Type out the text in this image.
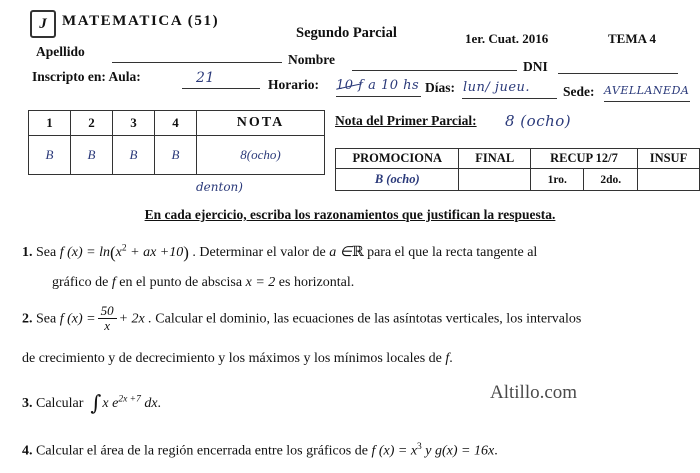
J	MATEMATICA (51)
Segundo Parcial	1er. Cuat. 2016	TEMA 4
Apellido
Nombre	DNI
Inscripto en: Aula:	21	Horario: 10 f a 10 hs Días: lun/ jueu. Sede: AVELLANEDA
1	2	3	4	NOTA
B	B	B	B	8(ocho)
denton)
Nota del Primer Parcial: 8 (ocho)
PROMOCIONA	FINAL	RECUP 12/7		INSUF
B (ocho)		1ro.	2do.	
En cada ejercicio, escriba los razonamientos que justifican la respuesta.
1. Sea f $(x) = \ln(x^2$ + ax +10) . Determinar el valor de a ∈ℝ para el que la recta tangente al
gráfico de f en el punto de abscisa x = 2 es horizontal.
2. Sea f $(x) = \frac{50}{x} + 2x$ . Calcular el dominio, las ecuaciones de las asíntotas verticales, los intervalos
de crecimiento y de decrecimiento y los máximos y los mínimos locales de f.
3. Calcular ∫x $e^{2x +7}$ dx.
4. Calcular el área de la región encerrada entre los gráficos de f $(x) = x^3$ y g(x) = 16x.
Altillo.com
